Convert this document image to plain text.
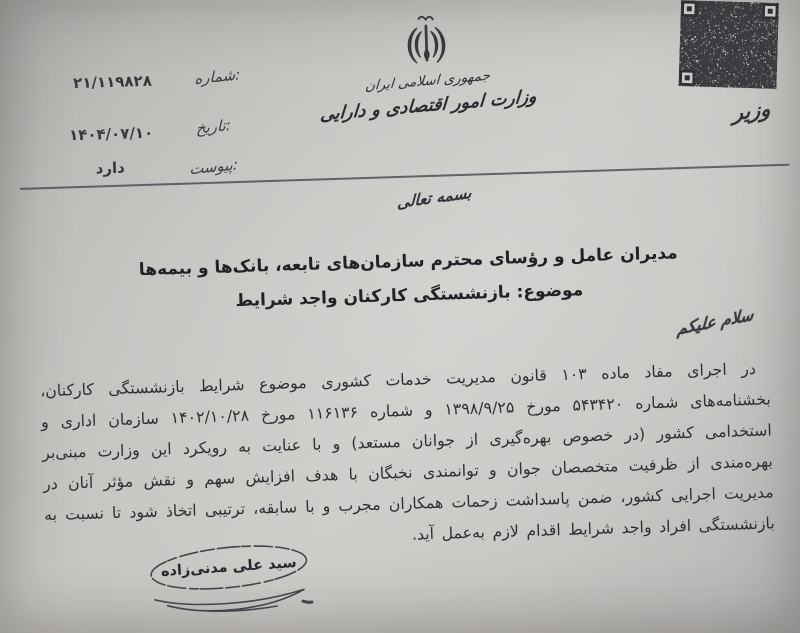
شماره:
۲۱/۱۱۹۸۲۸
تاریخ:
۱۴۰۴/۰۷/۱۰
پیوست:
دارد
جمهوری اسلامی ایران
وزارت امور اقتصادی و دارایی	وزیر
بسمه تعالی
مدیران عامل و رؤسای محترم سازمان‌های تابعه، بانک‌ها و بیمه‌ها
موضوع: بازنشستگی کارکنان واجد شرایط
سلام علیکم
در اجرای مفاد ماده ۱۰۳ قانون مدیریت خدمات کشوری موضوع شرایط بازنشستگی کارکنان، بخشنامه‌های شماره ۵۴۳۴۲۰ مورخ ۱۳۹۸/۹/۲۵ و شماره ۱۱۶۱۳۶ مورخ ۱۴۰۲/۱۰/۲۸ سازمان اداری و استخدامی کشور (در خصوص بهره‌گیری از جوانان مستعد) و با عنایت به رویکرد این وزارت مبنی‌بر بهره‌مندی از ظرفیت متخصصان جوان و توانمندی نخبگان با هدف افزایش سهم و نقش مؤثر آنان در مدیریت اجرایی کشور، ضمن پاسداشت زحمات همکاران مجرب و با سابقه، ترتیبی اتخاذ شود تا نسبت به بازنشستگی افراد واجد شرایط اقدام لازم به‌عمل آید.
سید علی مدنی‌زاده
